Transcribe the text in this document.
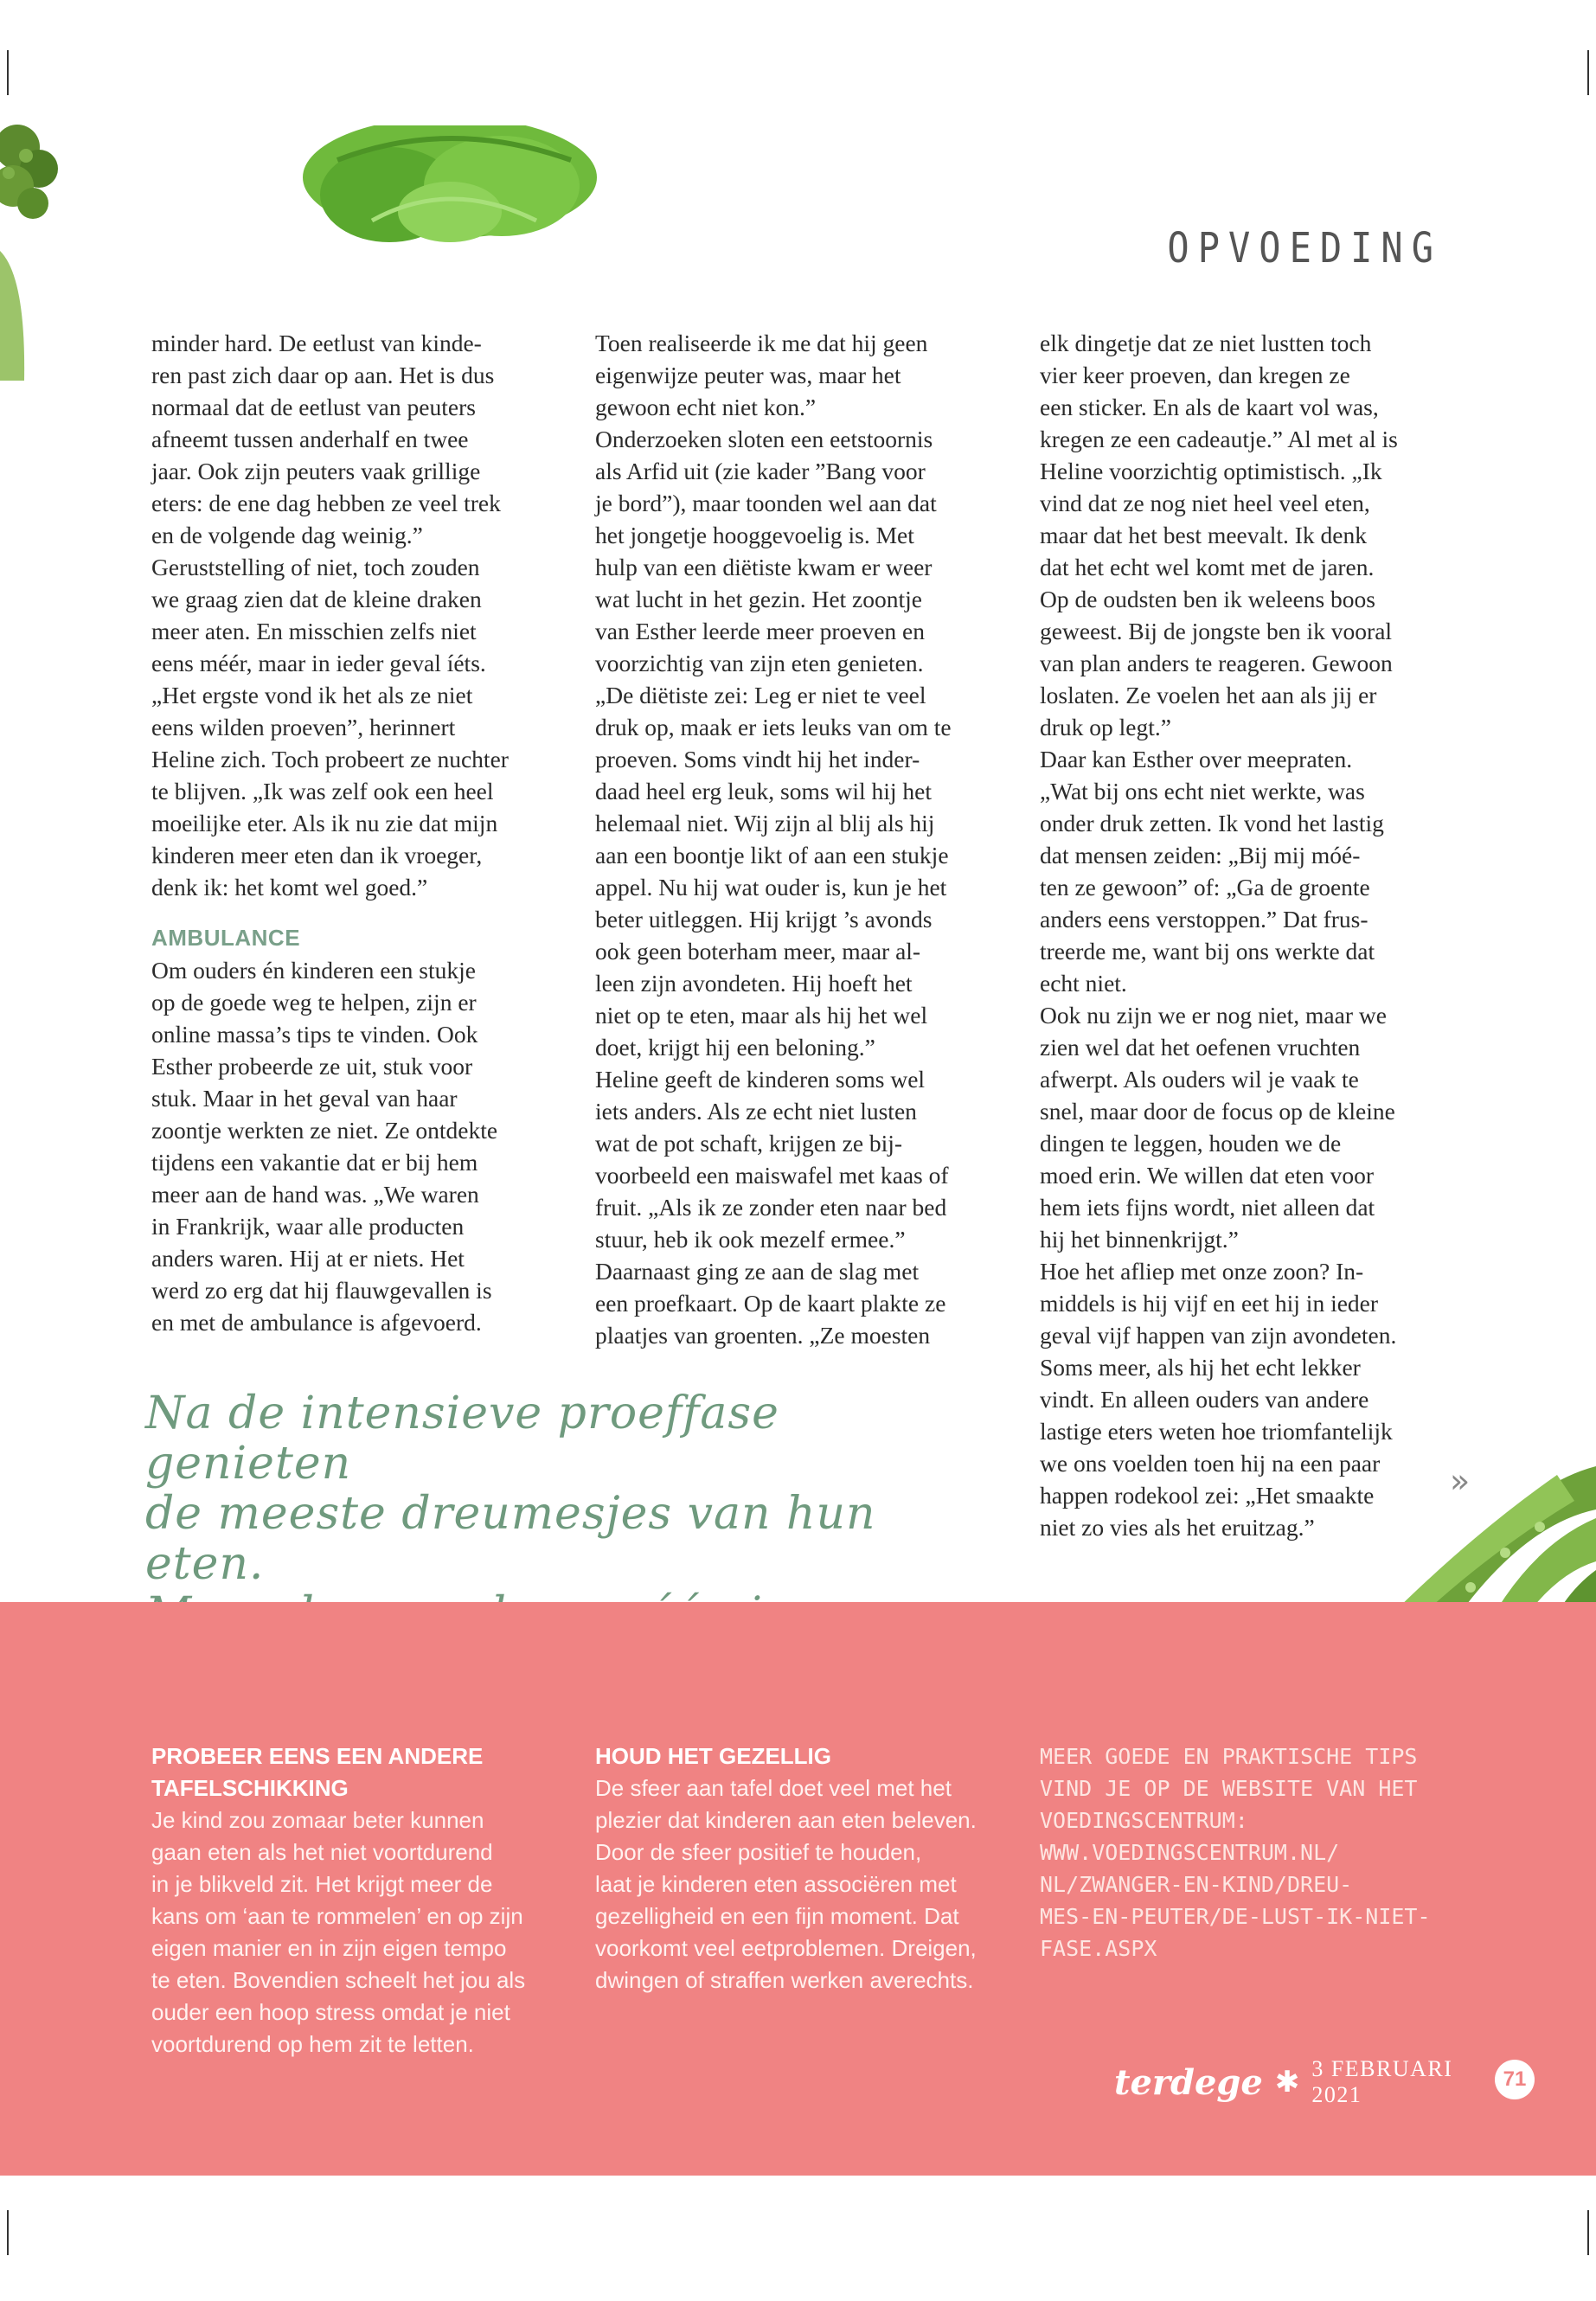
OPVOEDING

minder hard. De eetlust van kinde-
ren past zich daar op aan. Het is dus
normaal dat de eetlust van peuters
afneemt tussen anderhalf en twee
jaar. Ook zijn peuters vaak grillige
eters: de ene dag hebben ze veel trek
en de volgende dag weinig.”
Geruststelling of niet, toch zouden
we graag zien dat de kleine draken
meer aten. En misschien zelfs niet
eens méér, maar in ieder geval íéts.
„Het ergste vond ik het als ze niet
eens wilden proeven”, herinnert
Heline zich. Toch probeert ze nuchter
te blijven. „Ik was zelf ook een heel
moeilijke eter. Als ik nu zie dat mijn
kinderen meer eten dan ik vroeger,
denk ik: het komt wel goed.”

AMBULANCE

Om ouders én kinderen een stukje
op de goede weg te helpen, zijn er
online massa’s tips te vinden. Ook
Esther probeerde ze uit, stuk voor
stuk. Maar in het geval van haar
zoontje werkten ze niet. Ze ontdekte
tijdens een vakantie dat er bij hem
meer aan de hand was. „We waren
in Frankrijk, waar alle producten
anders waren. Hij at er niets. Het
werd zo erg dat hij flauwgevallen is
en met de ambulance is afgevoerd.

Toen realiseerde ik me dat hij geen
eigenwijze peuter was, maar het
gewoon echt niet kon.”
Onderzoeken sloten een eetstoornis
als Arfid uit (zie kader ”Bang voor
je bord”), maar toonden wel aan dat
het jongetje hooggevoelig is. Met
hulp van een diëtiste kwam er weer
wat lucht in het gezin. Het zoontje
van Esther leerde meer proeven en
voorzichtig van zijn eten genieten.
„De diëtiste zei: Leg er niet te veel
druk op, maak er iets leuks van om te
proeven. Soms vindt hij het inder-
daad heel erg leuk, soms wil hij het
helemaal niet. Wij zijn al blij als hij
aan een boontje likt of aan een stukje
appel. Nu hij wat ouder is, kun je het
beter uitleggen. Hij krijgt ’s avonds
ook geen boterham meer, maar al-
leen zijn avondeten. Hij hoeft het
niet op te eten, maar als hij het wel
doet, krijgt hij een beloning.”
Heline geeft de kinderen soms wel
iets anders. Als ze echt niet lusten
wat de pot schaft, krijgen ze bij-
voorbeeld een maiswafel met kaas of
fruit. „Als ik ze zonder eten naar bed
stuur, heb ik ook mezelf ermee.”
Daarnaast ging ze aan de slag met
een proefkaart. Op de kaart plakte ze
plaatjes van groenten. „Ze moesten

elk dingetje dat ze niet lustten toch
vier keer proeven, dan kregen ze
een sticker. En als de kaart vol was,
kregen ze een cadeautje.” Al met al is
Heline voorzichtig optimistisch. „Ik
vind dat ze nog niet heel veel eten,
maar dat het best meevalt. Ik denk
dat het echt wel komt met de jaren.
Op de oudsten ben ik weleens boos
geweest. Bij de jongste ben ik vooral
van plan anders te reageren. Gewoon
loslaten. Ze voelen het aan als jij er
druk op legt.”
Daar kan Esther over meepraten.
„Wat bij ons echt niet werkte, was
onder druk zetten. Ik vond het lastig
dat mensen zeiden: „Bij mij móé-
ten ze gewoon” of: „Ga de groente
anders eens verstoppen.” Dat frus-
treerde me, want bij ons werkte dat
echt niet.
Ook nu zijn we er nog niet, maar we
zien wel dat het oefenen vruchten
afwerpt. Als ouders wil je vaak te
snel, maar door de focus op de kleine
dingen te leggen, houden we de
moed erin. We willen dat eten voor
hem iets fijns wordt, niet alleen dat
hij het binnenkrijgt.”
Hoe het afliep met onze zoon? In-
middels is hij vijf en eet hij in ieder
geval vijf happen van zijn avondeten.
Soms meer, als hij het echt lekker
vindt. En alleen ouders van andere
lastige eters weten hoe triomfantelijk
we ons voelden toen hij na een paar
happen rodekool zei: „Het smaakte
niet zo vies als het eruitzag.”

Na de intensieve proeffase genieten
de meeste dreumesjes van hun eten.

»
PROBEER EENS EEN ANDERE
TAFELSCHIKKING

Je kind zou zomaar beter kunnen
gaan eten als het niet voortdurend
in je blikveld zit. Het krijgt meer de
kans om ‘aan te rommelen’ en op zijn
eigen manier en in zijn eigen tempo
te eten. Bovendien scheelt het jou als
ouder een hoop stress omdat je niet
voortdurend op hem zit te letten.

HOUD HET GEZELLIG

De sfeer aan tafel doet veel met het
plezier dat kinderen aan eten beleven.
Door de sfeer positief te houden,
laat je kinderen eten associëren met
gezelligheid en een fijn moment. Dat
voorkomt veel eetproblemen. Dreigen,
dwingen of straffen werken averechts.

MEER GOEDE EN PRAKTISCHE TIPS
VIND JE OP DE WEBSITE VAN HET
VOEDINGSCENTRUM:
WWW.VOEDINGSCENTRUM.NL/
NL/ZWANGER-EN-KIND/DREU-
MES-EN-PEUTER/DE-LUST-IK-NIET-
FASE.ASPX

terdege ✱ 3 FEBRUARI 2021
71
